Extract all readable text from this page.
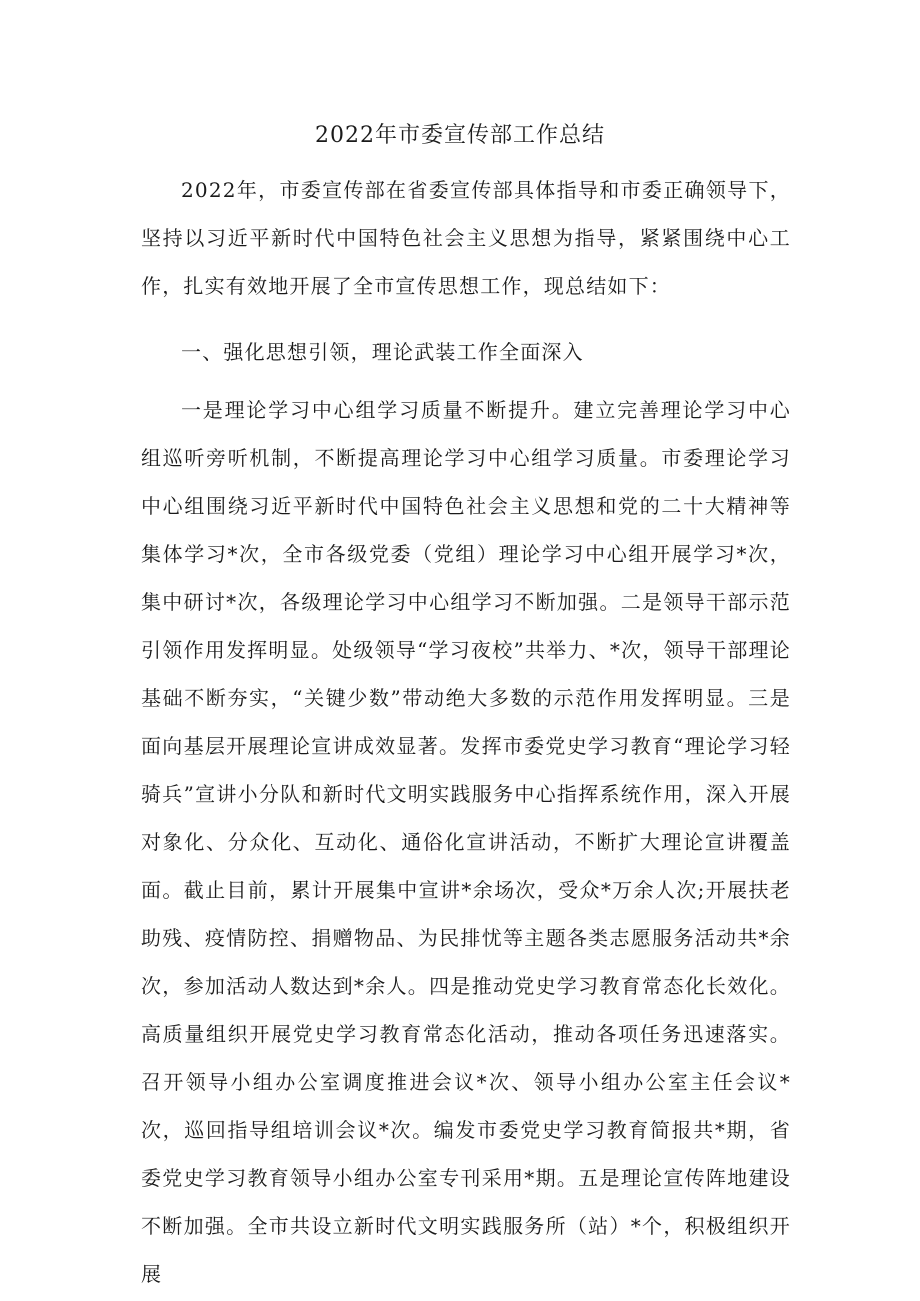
2022年市委宣传部工作总结

2022年，市委宣传部在省委宣传部具体指导和市委正确领导下，坚持以习近平新时代中国特色社会主义思想为指导，紧紧围绕中心工作，扎实有效地开展了全市宣传思想工作，现总结如下：

一、强化思想引领，理论武装工作全面深入

一是理论学习中心组学习质量不断提升。建立完善理论学习中心组巡听旁听机制，不断提高理论学习中心组学习质量。市委理论学习中心组围绕习近平新时代中国特色社会主义思想和党的二十大精神等集体学习*次，全市各级党委（党组）理论学习中心组开展学习*次，集中研讨*次，各级理论学习中心组学习不断加强。二是领导干部示范引领作用发挥明显。处级领导“学习夜校”共举力、*次，领导干部理论基础不断夯实，“关键少数”带动绝大多数的示范作用发挥明显。三是面向基层开展理论宣讲成效显著。发挥市委党史学习教育“理论学习轻骑兵”宣讲小分队和新时代文明实践服务中心指挥系统作用，深入开展对象化、分众化、互动化、通俗化宣讲活动，不断扩大理论宣讲覆盖面。截止目前，累计开展集中宣讲*余场次，受众*万余人次;开展扶老助残、疫情防控、捐赠物品、为民排忧等主题各类志愿服务活动共*余次，参加活动人数达到*余人。四是推动党史学习教育常态化长效化。高质量组织开展党史学习教育常态化活动，推动各项任务迅速落实。召开领导小组办公室调度推进会议*次、领导小组办公室主任会议*次，巡回指导组培训会议*次。编发市委党史学习教育简报共*期，省委党史学习教育领导小组办公室专刊采用*期。五是理论宣传阵地建设不断加强。全市共设立新时代文明实践服务所（站）*个，积极组织开展
